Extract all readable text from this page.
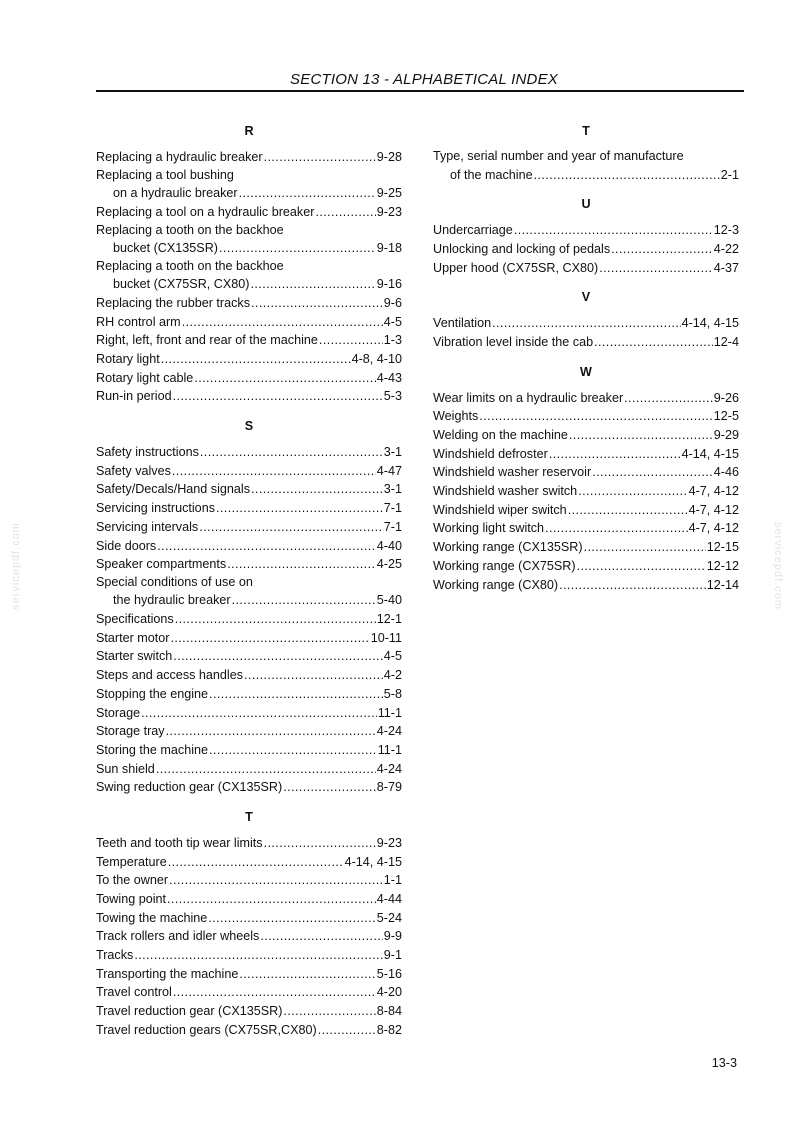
SECTION 13 - ALPHABETICAL INDEX
R
Replacing a hydraulic breaker .....	9-28
Replacing a tool bushing
on a hydraulic breaker .....	9-25
Replacing a tool on a hydraulic breaker .....	9-23
Replacing a tooth on the backhoe
bucket (CX135SR) .....	9-18
Replacing a tooth on the backhoe
bucket (CX75SR, CX80) .....	9-16
Replacing the rubber tracks .....	9-6
RH control arm .....	4-5
Right, left, front and rear of the machine .....	1-3
Rotary light .....	4-8, 4-10
Rotary light cable .....	4-43
Run-in period .....	5-3
S
Safety instructions .....	3-1
Safety valves .....	4-47
Safety/Decals/Hand signals .....	3-1
Servicing instructions .....	7-1
Servicing intervals .....	7-1
Side doors .....	4-40
Speaker compartments .....	4-25
Special conditions of use on
the hydraulic breaker .....	5-40
Specifications .....	12-1
Starter motor .....	10-11
Starter switch .....	4-5
Steps and access handles .....	4-2
Stopping the engine .....	5-8
Storage .....	11-1
Storage tray .....	4-24
Storing the machine .....	11-1
Sun shield .....	4-24
Swing reduction gear (CX135SR) .....	8-79
T
Teeth and tooth tip wear limits .....	9-23
Temperature .....	4-14, 4-15
To the owner .....	1-1
Towing point .....	4-44
Towing the machine .....	5-24
Track rollers and idler wheels .....	9-9
Tracks .....	9-1
Transporting the machine .....	5-16
Travel control .....	4-20
Travel reduction gear (CX135SR) .....	8-84
Travel reduction gears (CX75SR,CX80) .....	8-82
T
Type, serial number and year of manufacture
of the machine .....	2-1
U
Undercarriage .....	12-3
Unlocking and locking of pedals .....	4-22
Upper hood (CX75SR, CX80) .....	4-37
V
Ventilation .....	4-14, 4-15
Vibration level inside the cab .....	12-4
W
Wear limits on a hydraulic breaker .....	9-26
Weights .....	12-5
Welding on the machine .....	9-29
Windshield defroster .....	4-14, 4-15
Windshield washer reservoir .....	4-46
Windshield washer switch .....	4-7, 4-12
Windshield wiper switch .....	4-7, 4-12
Working light switch .....	4-7, 4-12
Working range (CX135SR) .....	12-15
Working range (CX75SR) .....	12-12
Working range (CX80) .....	12-14
13-3
servicepdf.com	servicepdf.com
